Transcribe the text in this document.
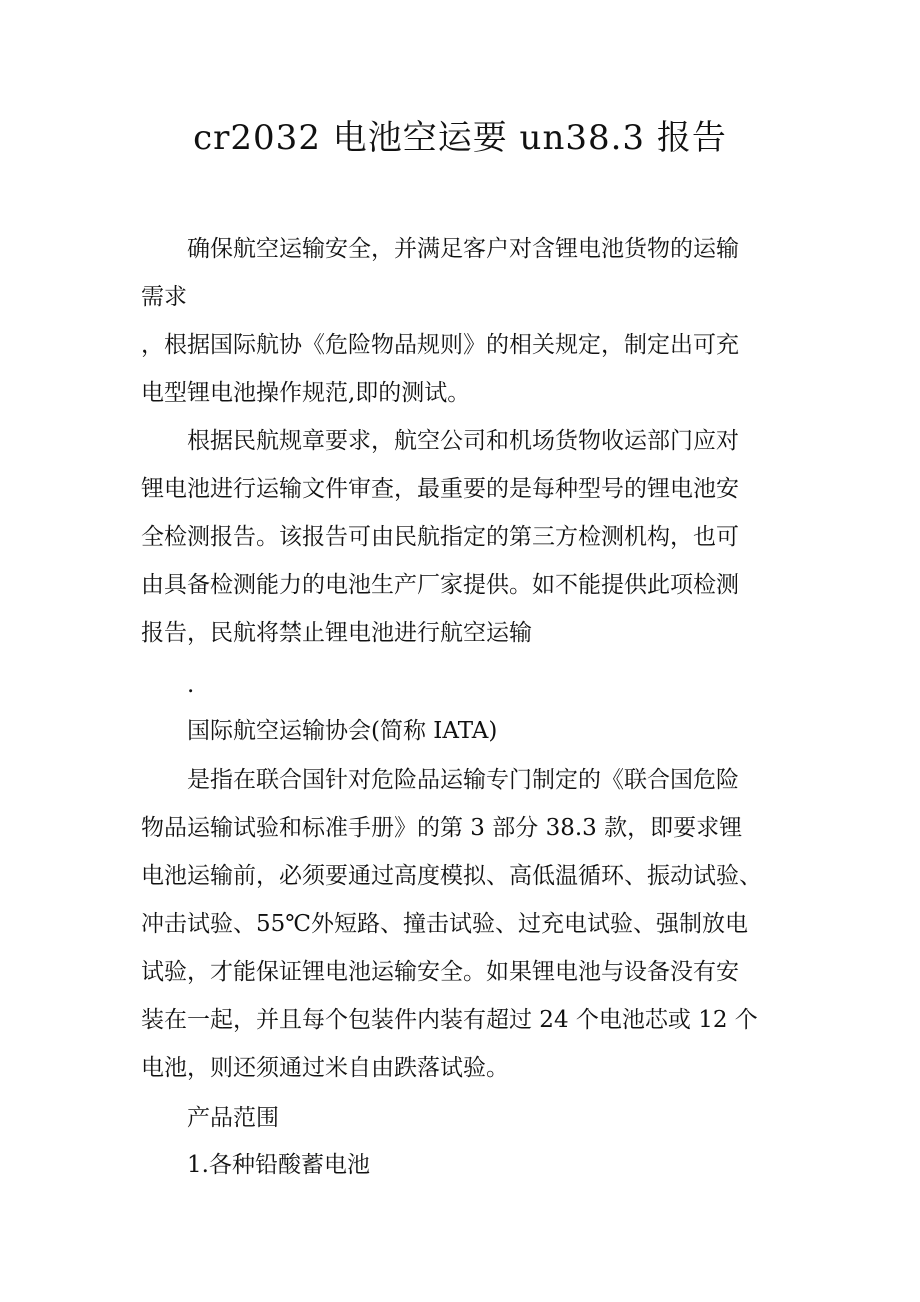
cr2032 电池空运要 un38.3 报告

确保航空运输安全，并满足客户对含锂电池货物的运输
需求

，根据国际航协《危险物品规则》的相关规定，制定出可充
电型锂电池操作规范,即的测试。

根据民航规章要求，航空公司和机场货物收运部门应对
锂电池进行运输文件审查，最重要的是每种型号的锂电池安
全检测报告。该报告可由民航指定的第三方检测机构，也可
由具备检测能力的电池生产厂家提供。如不能提供此项检测
报告，民航将禁止锂电池进行航空运输

.

国际航空运输协会(简称 IATA)

是指在联合国针对危险品运输专门制定的《联合国危险
物品运输试验和标准手册》的第 3 部分 38.3 款，即要求锂
电池运输前，必须要通过高度模拟、高低温循环、振动试验、
冲击试验、55℃外短路、撞击试验、过充电试验、强制放电
试验，才能保证锂电池运输安全。如果锂电池与设备没有安
装在一起，并且每个包装件内装有超过 24 个电池芯或 12 个
电池，则还须通过米自由跌落试验。

产品范围

1.各种铅酸蓄电池
